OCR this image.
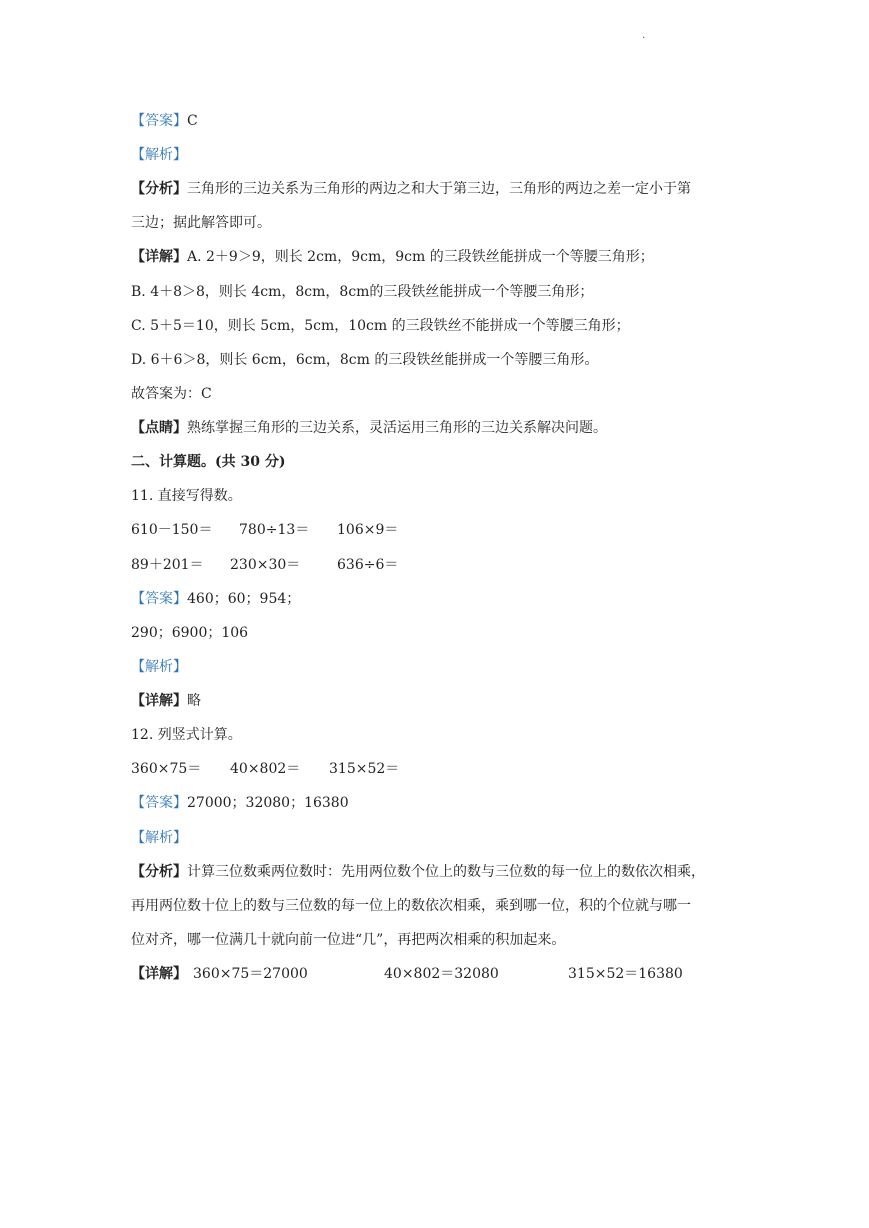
.
【答案】C
【解析】
【分析】三角形的三边关系为三角形的两边之和大于第三边，三角形的两边之差一定小于第
三边；据此解答即可。
【详解】A. 2＋9＞9，则长 2cm，9cm，9cm 的三段铁丝能拼成一个等腰三角形；
B. 4＋8＞8，则长 4cm，8cm，8cm的三段铁丝能拼成一个等腰三角形；
C. 5＋5＝10，则长 5cm，5cm，10cm 的三段铁丝不能拼成一个等腰三角形；
D. 6＋6＞8，则长 6cm，6cm，8cm 的三段铁丝能拼成一个等腰三角形。
故答案为：C
【点睛】熟练掌握三角形的三边关系，灵活运用三角形的三边关系解决问题。
二、计算题。(共 30 分)
11. 直接写得数。
610－150＝ 780÷13＝ 106×9＝
89＋201＝ 230×30＝	636÷6＝
【答案】460；60；954；
290；6900；106
【解析】
【详解】略
12. 列竖式计算。
360×75＝ 40×802＝ 315×52＝
【答案】27000；32080；16380
【解析】
【分析】计算三位数乘两位数时：先用两位数个位上的数与三位数的每一位上的数依次相乘，
再用两位数十位上的数与三位数的每一位上的数依次相乘，乘到哪一位，积的个位就与哪一
位对齐，哪一位满几十就向前一位进“几”，再把两次相乘的积加起来。
【详解】 360×75＝27000	40×802＝32080	315×52＝16380
